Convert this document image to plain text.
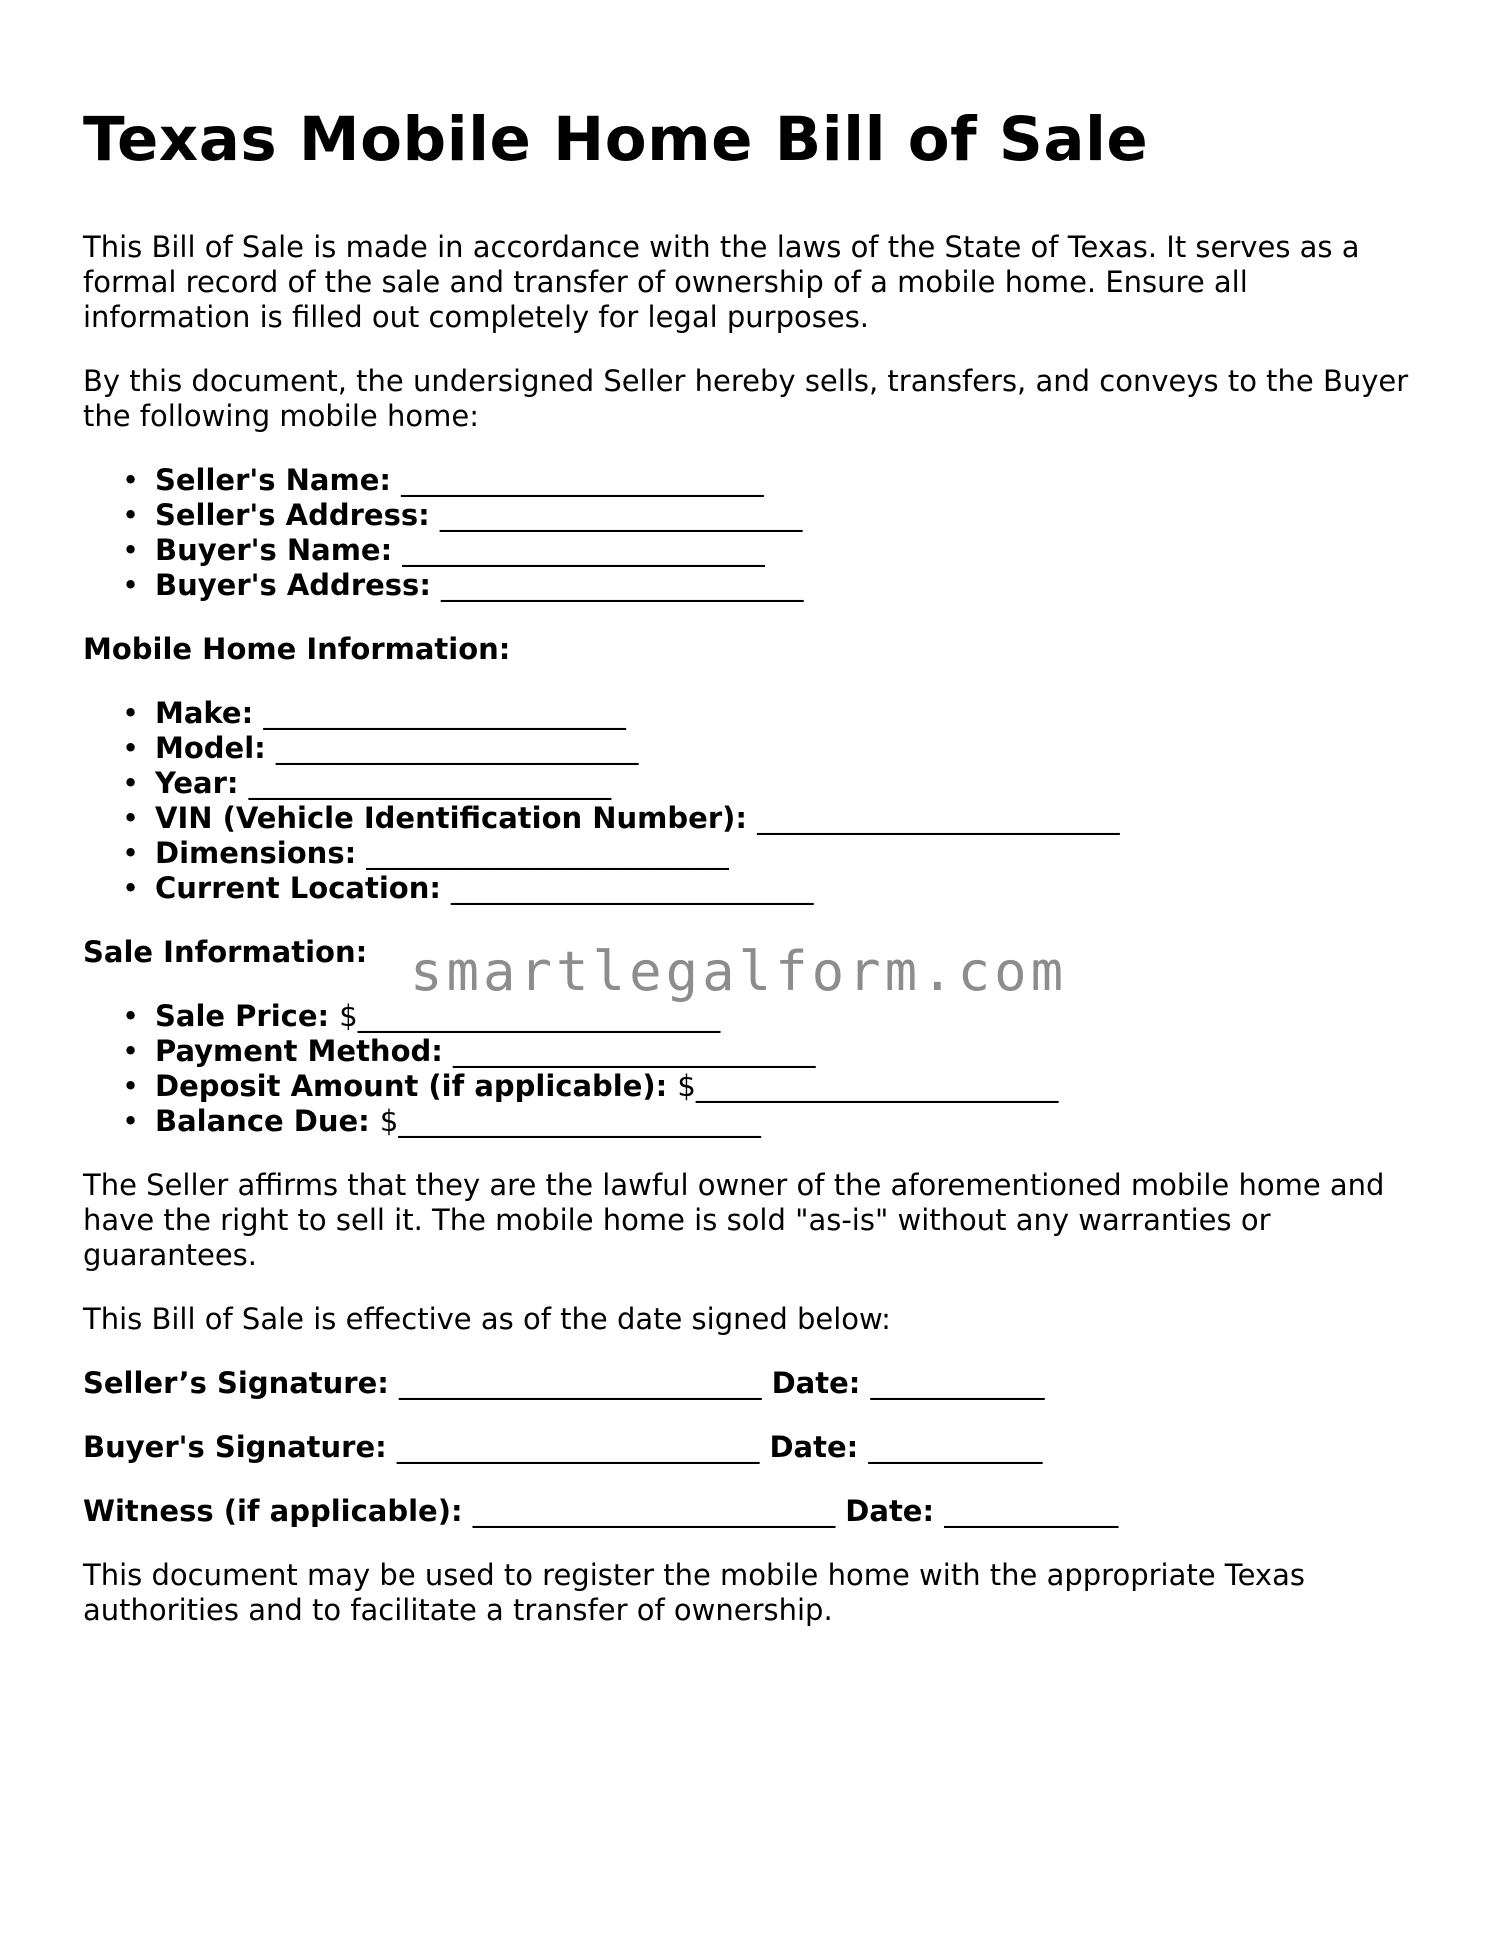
Texas Mobile Home Bill of Sale

This Bill of Sale is made in accordance with the laws of the State of Texas. It serves as a formal record of the sale and transfer of ownership of a mobile home. Ensure all information is filled out completely for legal purposes.

By this document, the undersigned Seller hereby sells, transfers, and conveys to the Buyer the following mobile home:

• Seller's Name: _________________________
• Seller's Address: _________________________
• Buyer's Name: _________________________
• Buyer's Address: _________________________
Mobile Home Information:
• Make: _________________________
• Model: _________________________
• Year: _________________________
• VIN (Vehicle Identification Number): _________________________
• Dimensions: _________________________
• Current Location: _________________________
Sale Information:
• Sale Price: $_________________________
• Payment Method: _________________________
• Deposit Amount (if applicable): $_________________________
• Balance Due: $_________________________

The Seller affirms that they are the lawful owner of the aforementioned mobile home and have the right to sell it. The mobile home is sold "as-is" without any warranties or guarantees.

This Bill of Sale is effective as of the date signed below:

Seller’s Signature: _________________________ Date: ____________
Buyer's Signature: _________________________ Date: ____________
Witness (if applicable): _________________________ Date: ____________

This document may be used to register the mobile home with the appropriate Texas authorities and to facilitate a transfer of ownership.

smartlegalform.com
